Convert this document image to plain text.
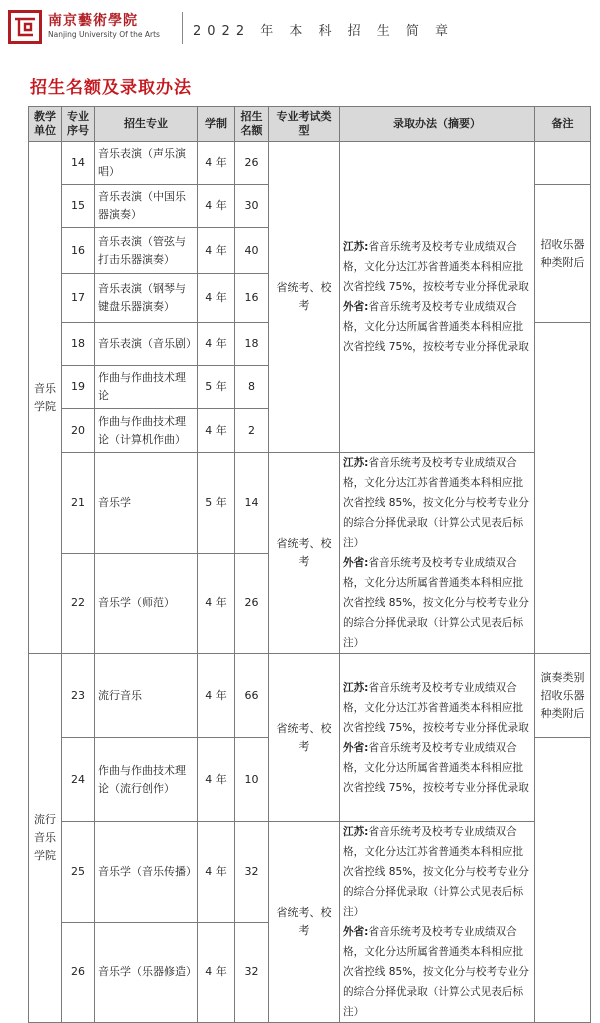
南京藝術學院
Nanjing University Of the Arts	2022 年 本 科 招 生 简 章
招生名额及录取办法
教学单位	专业序号	招生专业	学制	招生名额	专业考试类型	录取办法（摘要）	备注
音乐学院	14	音乐表演（声乐演唱）	4 年	26	省统考、校考	江苏:省音乐统考及校考专业成绩双合格，文化分达江苏省普通类本科相应批次省控线 75%，按校考专业分择优录取
外省:省音乐统考及校考专业成绩双合格，文化分达所属省普通类本科相应批次省控线 75%，按校考专业分择优录取	
	15	音乐表演（中国乐器演奏）	4 年	30			招收乐器种类附后
	16	音乐表演（管弦与打击乐器演奏）	4 年	40			
	17	音乐表演（钢琴与键盘乐器演奏）	4 年	16			
	18	音乐表演（音乐剧）	4 年	18			
	19	作曲与作曲技术理论	5 年	8			
	20	作曲与作曲技术理论（计算机作曲）	4 年	2			
	21	音乐学	5 年	14	省统考、校考	江苏:省音乐统考及校考专业成绩双合格，文化分达江苏省普通类本科相应批次省控线 85%，按文化分与校考专业分的综合分择优录取（计算公式见表后标注）
外省:省音乐统考及校考专业成绩双合格，文化分达所属省普通类本科相应批次省控线 85%，按文化分与校考专业分的综合分择优录取（计算公式见表后标注）	
	22	音乐学（师范）	4 年	26			
流行音乐学院	23	流行音乐	4 年	66	省统考、校考	江苏:省音乐统考及校考专业成绩双合格，文化分达江苏省普通类本科相应批次省控线 75%，按校考专业分择优录取
外省:省音乐统考及校考专业成绩双合格，文化分达所属省普通类本科相应批次省控线 75%，按校考专业分择优录取	演奏类别招收乐器种类附后
	24	作曲与作曲技术理论（流行创作）	4 年	10			
	25	音乐学（音乐传播）	4 年	32	省统考、校考	江苏:省音乐统考及校考专业成绩双合格，文化分达江苏省普通类本科相应批次省控线 85%，按文化分与校考专业分的综合分择优录取（计算公式见表后标注）
外省:省音乐统考及校考专业成绩双合格，文化分达所属省普通类本科相应批次省控线 85%，按文化分与校考专业分的综合分择优录取（计算公式见表后标注）	
	26	音乐学（乐器修造）	4 年	32			
